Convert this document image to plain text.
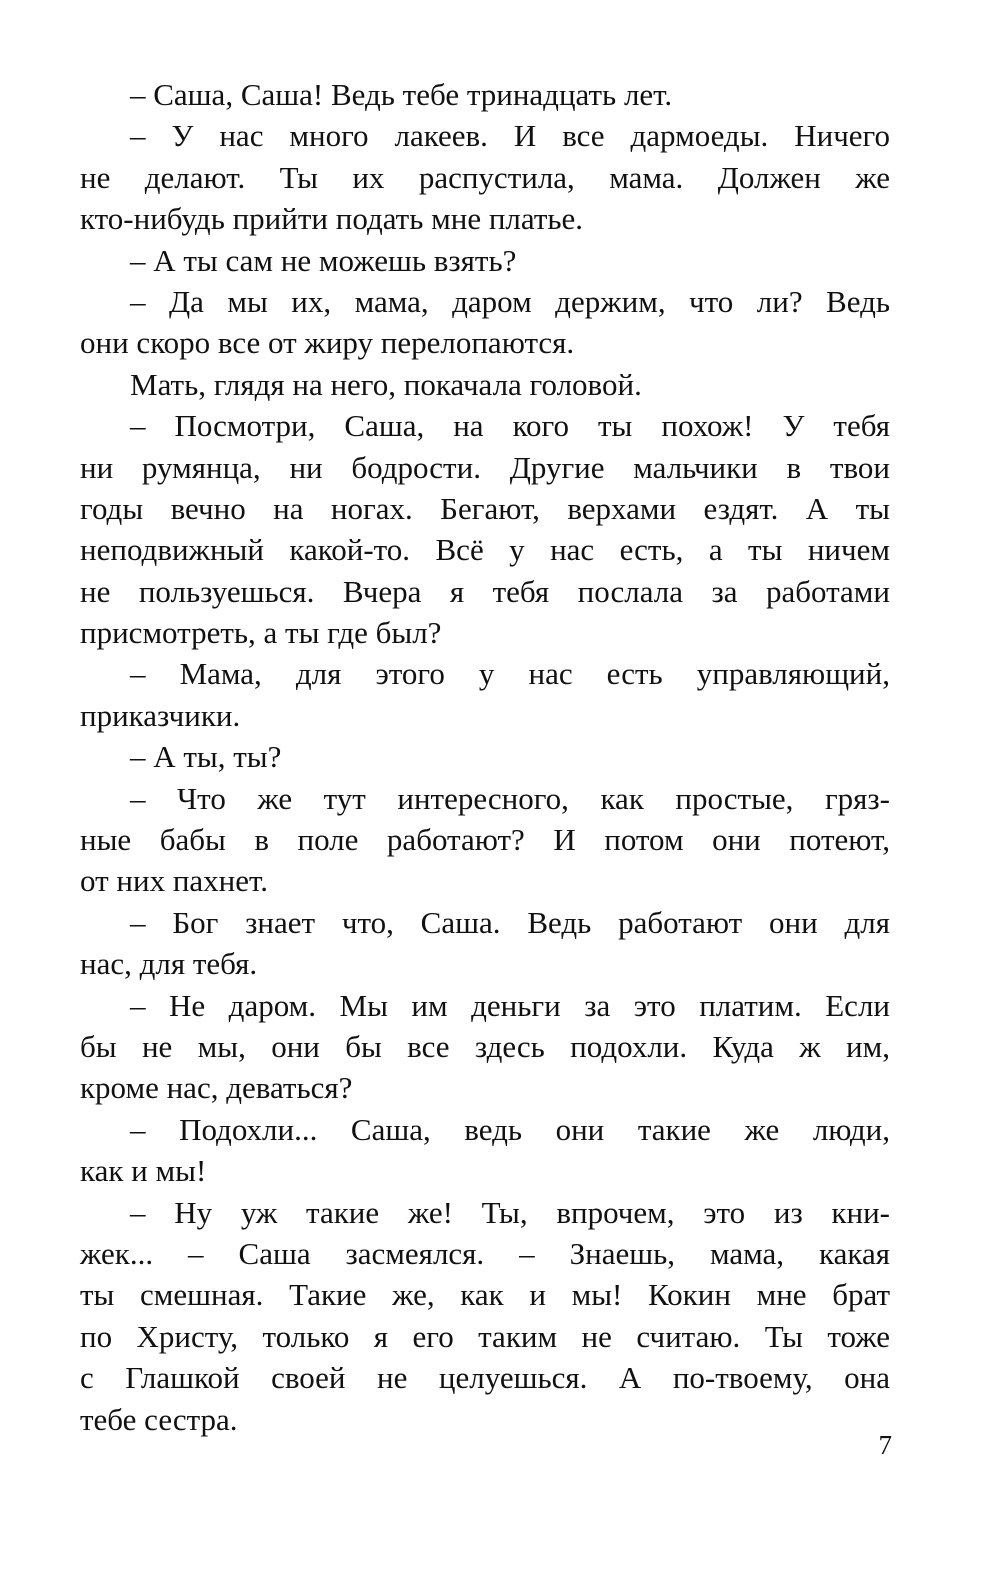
– Саша, Саша! Ведь тебе тринадцать лет.
– У нас много лакеев. И все дармоеды. Ничего
не делают. Ты их распустила, мама. Должен же
кто-нибудь прийти подать мне платье.
– А ты сам не можешь взять?
– Да мы их, мама, даром держим, что ли? Ведь
они скоро все от жиру перелопаются.
Мать, глядя на него, покачала головой.
– Посмотри, Саша, на кого ты похож! У тебя
ни румянца, ни бодрости. Другие мальчики в твои
годы вечно на ногах. Бегают, верхами ездят. А ты
неподвижный какой-то. Всё у нас есть, а ты ничем
не пользуешься. Вчера я тебя послала за работами
присмотреть, а ты где был?
– Мама, для этого у нас есть управляющий,
приказчики.
– А ты, ты?
– Что же тут интересного, как простые, гряз-
ные бабы в поле работают? И потом они потеют,
от них пахнет.
– Бог знает что, Саша. Ведь работают они для
нас, для тебя.
– Не даром. Мы им деньги за это платим. Если
бы не мы, они бы все здесь подохли. Куда ж им,
кроме нас, деваться?
– Подохли... Саша, ведь они такие же люди,
как и мы!
– Ну уж такие же! Ты, впрочем, это из кни-
жек... – Саша засмеялся. – Знаешь, мама, какая
ты смешная. Такие же, как и мы! Кокин мне брат
по Христу, только я его таким не считаю. Ты тоже
с Глашкой своей не целуешься. А по-твоему, она
тебе сестра.
7
